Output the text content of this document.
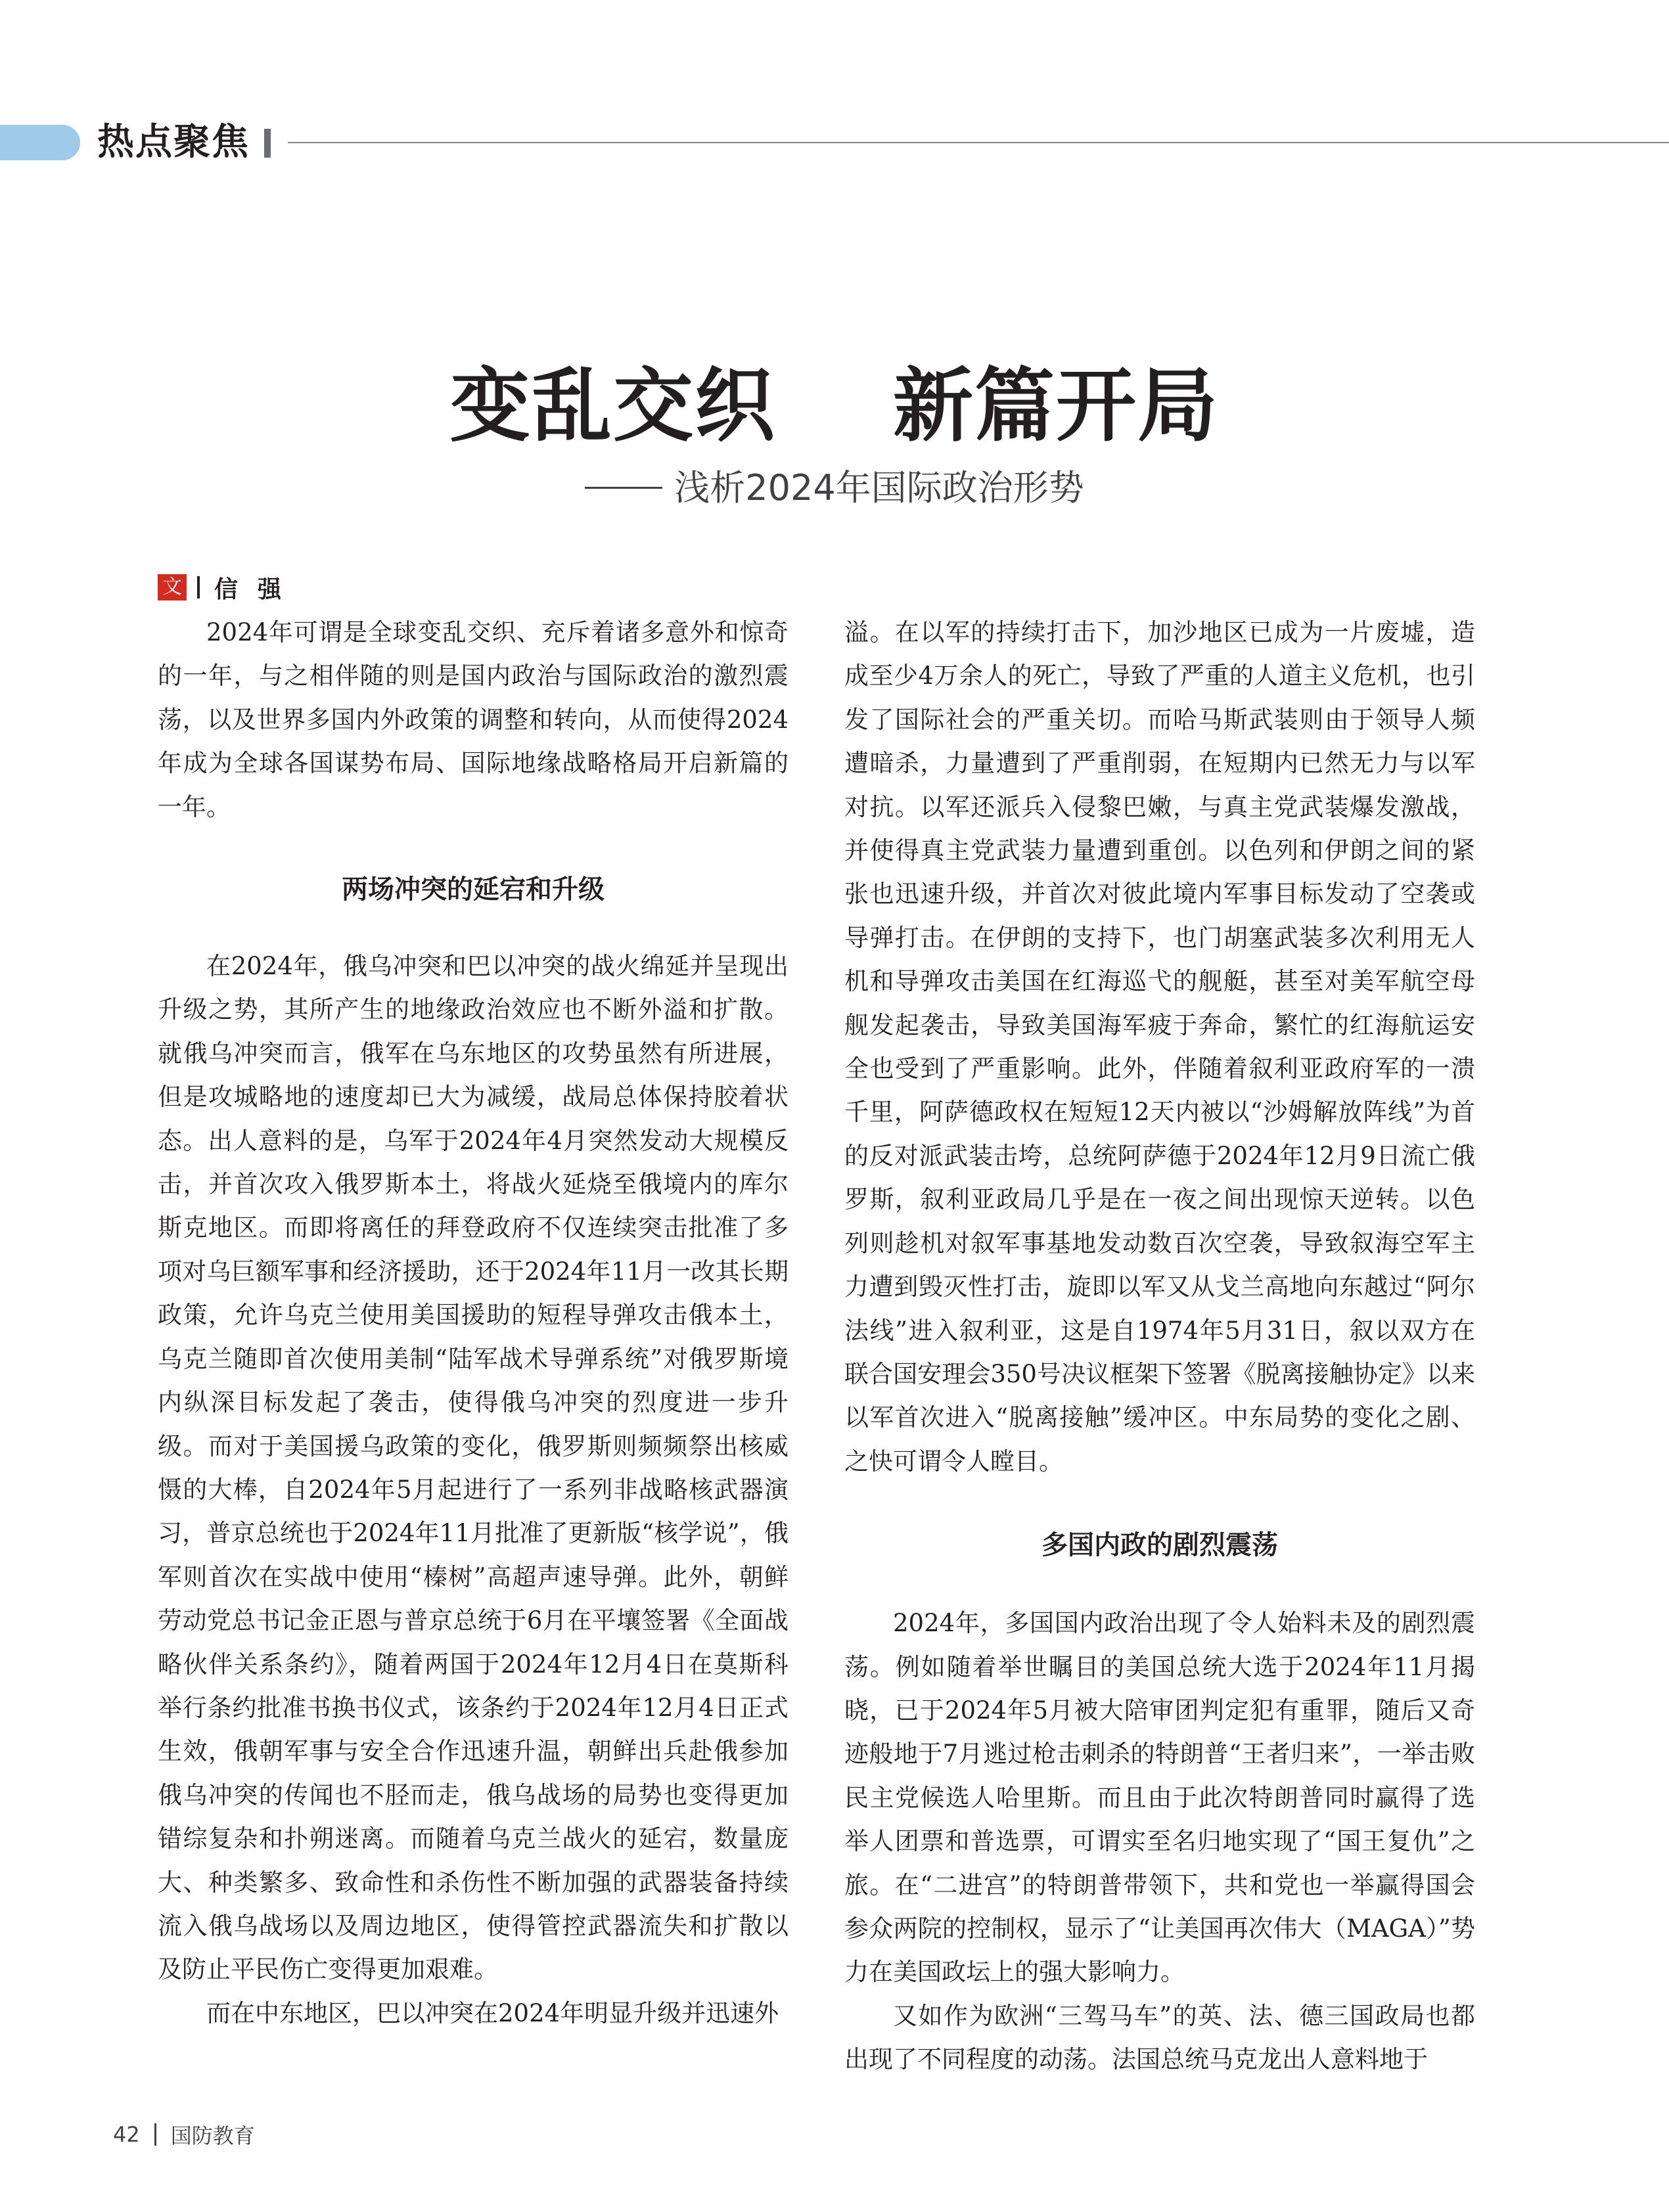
热点聚焦
变乱交织    新篇开局
浅析2024年国际政治形势
文 信强

2024年可谓是全球变乱交织、充斥着诸多意外和惊奇的一年，与之相伴随的则是国内政治与国际政治的激烈震荡，以及世界多国内外政策的调整和转向，从而使得2024年成为全球各国谋势布局、国际地缘战略格局开启新篇的一年。

两场冲突的延宕和升级

在2024年，俄乌冲突和巴以冲突的战火绵延并呈现出升级之势，其所产生的地缘政治效应也不断外溢和扩散。就俄乌冲突而言，俄军在乌东地区的攻势虽然有所进展，但是攻城略地的速度却已大为减缓，战局总体保持胶着状态。出人意料的是，乌军于2024年4月突然发动大规模反击，并首次攻入俄罗斯本土，将战火延烧至俄境内的库尔斯克地区。而即将离任的拜登政府不仅连续突击批准了多项对乌巨额军事和经济援助，还于2024年11月一改其长期政策，允许乌克兰使用美国援助的短程导弹攻击俄本土，乌克兰随即首次使用美制“陆军战术导弹系统”对俄罗斯境内纵深目标发起了袭击，使得俄乌冲突的烈度进一步升级。而对于美国援乌政策的变化，俄罗斯则频频祭出核威慑的大棒，自2024年5月起进行了一系列非战略核武器演习，普京总统也于2024年11月批准了更新版“核学说”，俄军则首次在实战中使用“榛树”高超声速导弹。此外，朝鲜劳动党总书记金正恩与普京总统于6月在平壤签署《全面战略伙伴关系条约》，随着两国于2024年12月4日在莫斯科举行条约批准书换书仪式，该条约于2024年12月4日正式生效，俄朝军事与安全合作迅速升温，朝鲜出兵赴俄参加俄乌冲突的传闻也不胫而走，俄乌战场的局势也变得更加错综复杂和扑朔迷离。而随着乌克兰战火的延宕，数量庞大、种类繁多、致命性和杀伤性不断加强的武器装备持续流入俄乌战场以及周边地区，使得管控武器流失和扩散以及防止平民伤亡变得更加艰难。

而在中东地区，巴以冲突在2024年明显升级并迅速外

溢。在以军的持续打击下，加沙地区已成为一片废墟，造成至少4万余人的死亡，导致了严重的人道主义危机，也引发了国际社会的严重关切。而哈马斯武装则由于领导人频遭暗杀，力量遭到了严重削弱，在短期内已然无力与以军对抗。以军还派兵入侵黎巴嫩，与真主党武装爆发激战，并使得真主党武装力量遭到重创。以色列和伊朗之间的紧张也迅速升级，并首次对彼此境内军事目标发动了空袭或导弹打击。在伊朗的支持下，也门胡塞武装多次利用无人机和导弹攻击美国在红海巡弋的舰艇，甚至对美军航空母舰发起袭击，导致美国海军疲于奔命，繁忙的红海航运安全也受到了严重影响。此外，伴随着叙利亚政府军的一溃千里，阿萨德政权在短短12天内被以“沙姆解放阵线”为首的反对派武装击垮，总统阿萨德于2024年12月9日流亡俄罗斯，叙利亚政局几乎是在一夜之间出现惊天逆转。以色列则趁机对叙军事基地发动数百次空袭，导致叙海空军主力遭到毁灭性打击，旋即以军又从戈兰高地向东越过“阿尔法线”进入叙利亚，这是自1974年5月31日，叙以双方在联合国安理会350号决议框架下签署《脱离接触协定》以来以军首次进入“脱离接触”缓冲区。中东局势的变化之剧、之快可谓令人瞠目。

多国内政的剧烈震荡

2024年，多国国内政治出现了令人始料未及的剧烈震荡。例如随着举世瞩目的美国总统大选于2024年11月揭晓，已于2024年5月被大陪审团判定犯有重罪，随后又奇迹般地于7月逃过枪击刺杀的特朗普“王者归来”，一举击败民主党候选人哈里斯。而且由于此次特朗普同时赢得了选举人团票和普选票，可谓实至名归地实现了“国王复仇”之旅。在“二进宫”的特朗普带领下，共和党也一举赢得国会参众两院的控制权，显示了“让美国再次伟大（MAGA）”势力在美国政坛上的强大影响力。

又如作为欧洲“三驾马车”的英、法、德三国政局也都出现了不同程度的动荡。法国总统马克龙出人意料地于

42 国防教育
